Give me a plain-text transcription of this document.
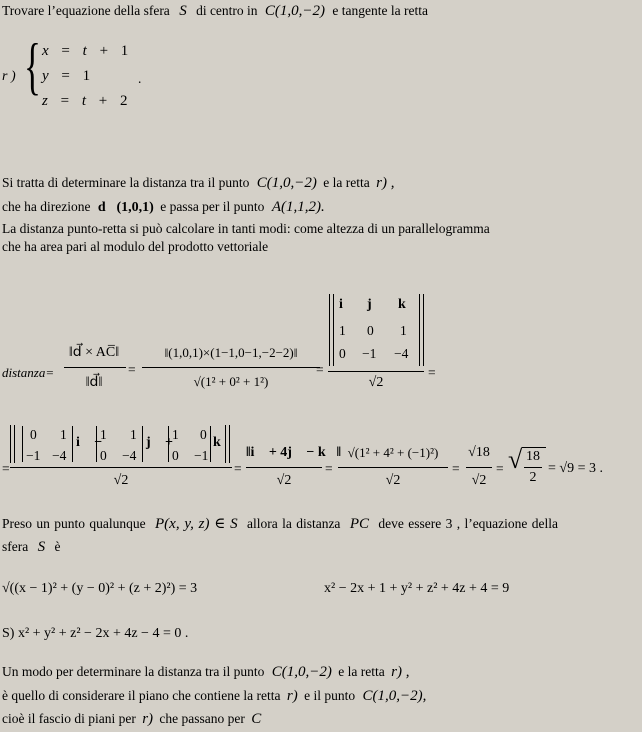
Trovare l’equazione della sfera S di centro in C(1,0,−2) e tangente la retta
r ) { x = t + 1
y = 1	.
z = t + 2
Si tratta di determinare la distanza tra il punto C(1,0,−2) e la retta r) ,
che ha direzione d⃗(1,0,1) e passa per il punto A(1,1,2).
La distanza punto-retta si può calcolare in tanti modi: come altezza di un parallelogramma
che ha area pari al modulo del prodotto vettoriale
distanza=
‖d⃗ × AC̅‖
‖d⃗‖
=
‖(1,0,1)×(1−1,0−1,−2−2)‖
√(1² + 0² + 1²)
=
i⃗ j⃗ k⃗
1 0 1
0 −1 −4
√2
=
=
0 1
−1 −4
i⃗ −
1 1
0 −4
j⃗ +
1 0
0 −1
k⃗
√2
=
‖i⃗ + 4j⃗ − k⃗‖
√2
=
√(1² + 4² + (−1)²)
√2
=
√18
√2
= √ 18
2
= √9 = 3 .
Preso un punto qualunque P(x, y, z) ∈ S allora la distanza PC deve essere 3 , l’equazione della
sfera S è
√((x − 1)² + (y − 0)² + (z + 2)²) = 3	x² − 2x + 1 + y² + z² + 4z + 4 = 9
S) x² + y² + z² − 2x + 4z − 4 = 0 .
Un modo per determinare la distanza tra il punto C(1,0,−2) e la retta r) ,
è quello di considerare il piano che contiene la retta r) e il punto C(1,0,−2),
cioè il fascio di piani per r) che passano per C
